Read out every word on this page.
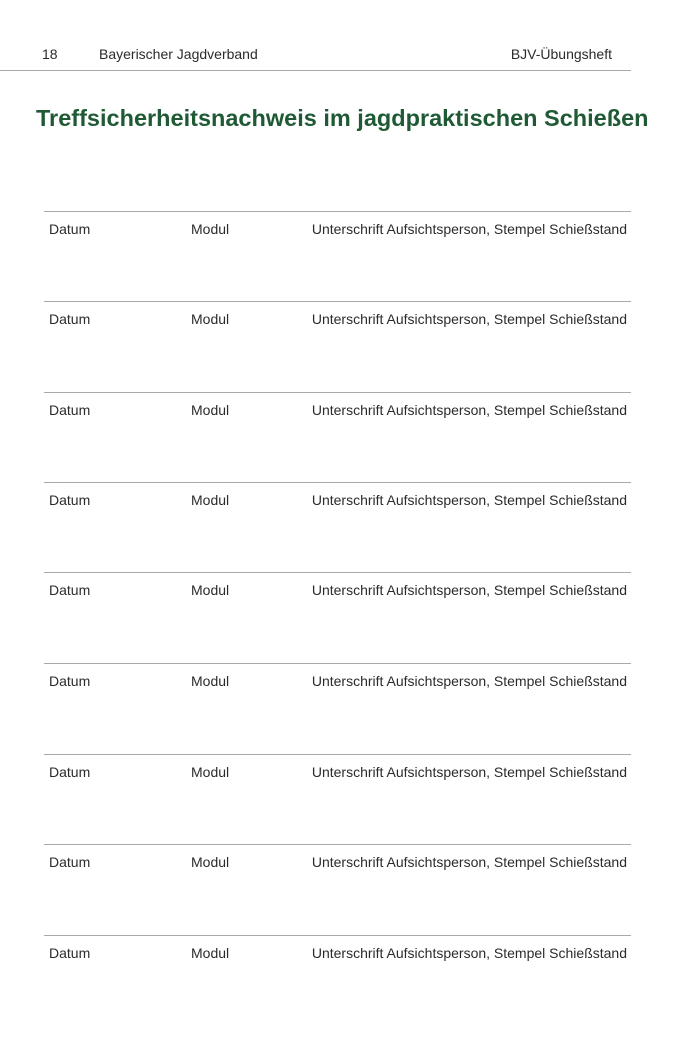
18	Bayerischer Jagdverband	BJV-Übungsheft
Treffsicherheitsnachweis im jagdpraktischen Schießen
Datum	Modul	Unterschrift Aufsichtsperson, Stempel Schießstand
Datum	Modul	Unterschrift Aufsichtsperson, Stempel Schießstand
Datum	Modul	Unterschrift Aufsichtsperson, Stempel Schießstand
Datum	Modul	Unterschrift Aufsichtsperson, Stempel Schießstand
Datum	Modul	Unterschrift Aufsichtsperson, Stempel Schießstand
Datum	Modul	Unterschrift Aufsichtsperson, Stempel Schießstand
Datum	Modul	Unterschrift Aufsichtsperson, Stempel Schießstand
Datum	Modul	Unterschrift Aufsichtsperson, Stempel Schießstand
Datum	Modul	Unterschrift Aufsichtsperson, Stempel Schießstand
